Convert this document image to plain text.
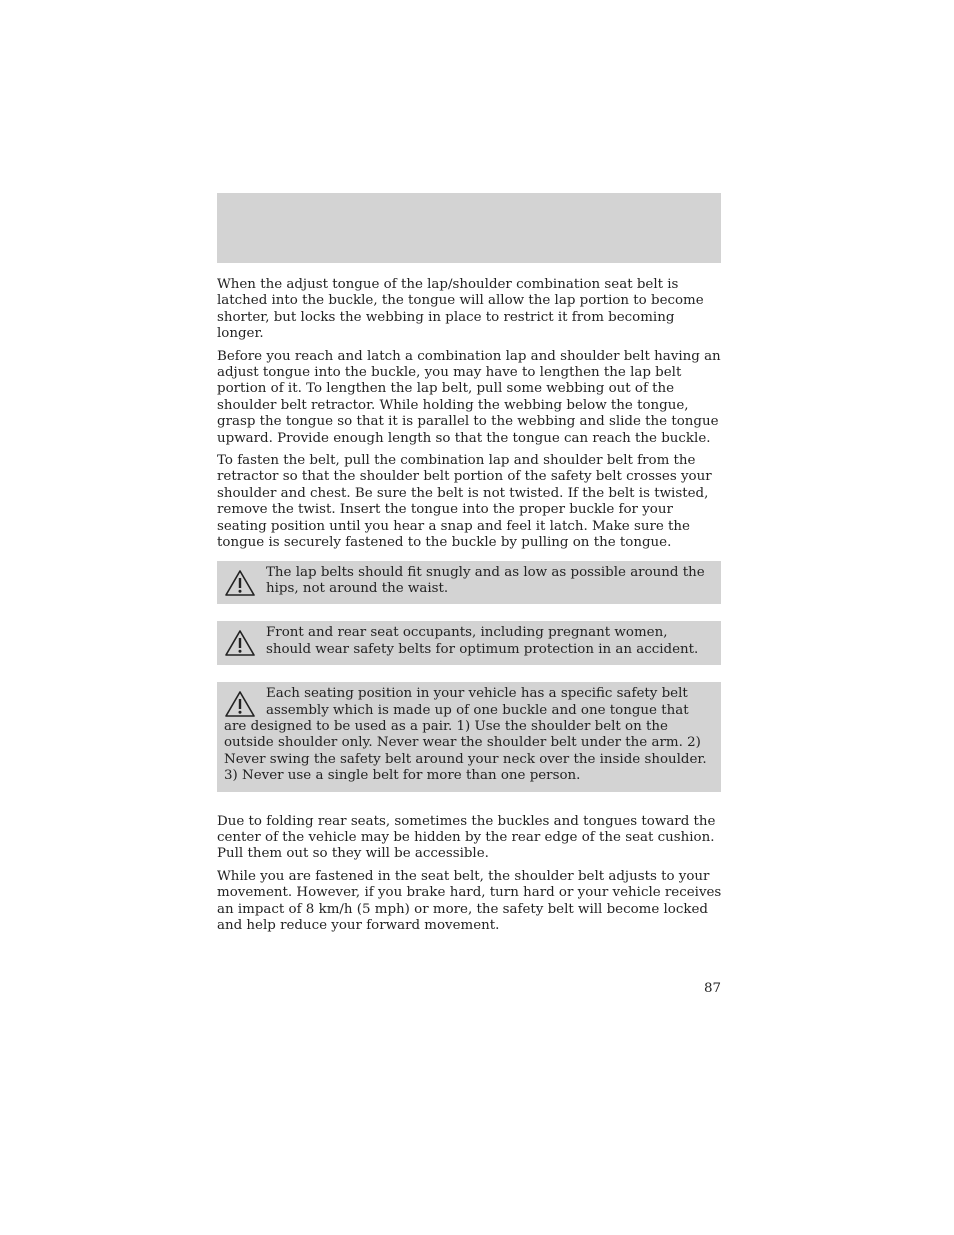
When the adjust tongue of the lap/shoulder combination seat belt is latched into the buckle, the tongue will allow the lap portion to become shorter, but locks the webbing in place to restrict it from becoming longer.

Before you reach and latch a combination lap and shoulder belt having an adjust tongue into the buckle, you may have to lengthen the lap belt portion of it. To lengthen the lap belt, pull some webbing out of the shoulder belt retractor. While holding the webbing below the tongue, grasp the tongue so that it is parallel to the webbing and slide the tongue upward. Provide enough length so that the tongue can reach the buckle.

To fasten the belt, pull the combination lap and shoulder belt from the retractor so that the shoulder belt portion of the safety belt crosses your shoulder and chest. Be sure the belt is not twisted. If the belt is twisted, remove the twist. Insert the tongue into the proper buckle for your seating position until you hear a snap and feel it latch. Make sure the tongue is securely fastened to the buckle by pulling on the tongue.

The lap belts should fit snugly and as low as possible around the hips, not around the waist.

Front and rear seat occupants, including pregnant women, should wear safety belts for optimum protection in an accident.

Each seating position in your vehicle has a specific safety belt assembly which is made up of one buckle and one tongue that are designed to be used as a pair. 1) Use the shoulder belt on the outside shoulder only. Never wear the shoulder belt under the arm. 2) Never swing the safety belt around your neck over the inside shoulder. 3) Never use a single belt for more than one person.

Due to folding rear seats, sometimes the buckles and tongues toward the center of the vehicle may be hidden by the rear edge of the seat cushion. Pull them out so they will be accessible.

While you are fastened in the seat belt, the shoulder belt adjusts to your movement. However, if you brake hard, turn hard or your vehicle receives an impact of 8 km/h (5 mph) or more, the safety belt will become locked and help reduce your forward movement.

87
